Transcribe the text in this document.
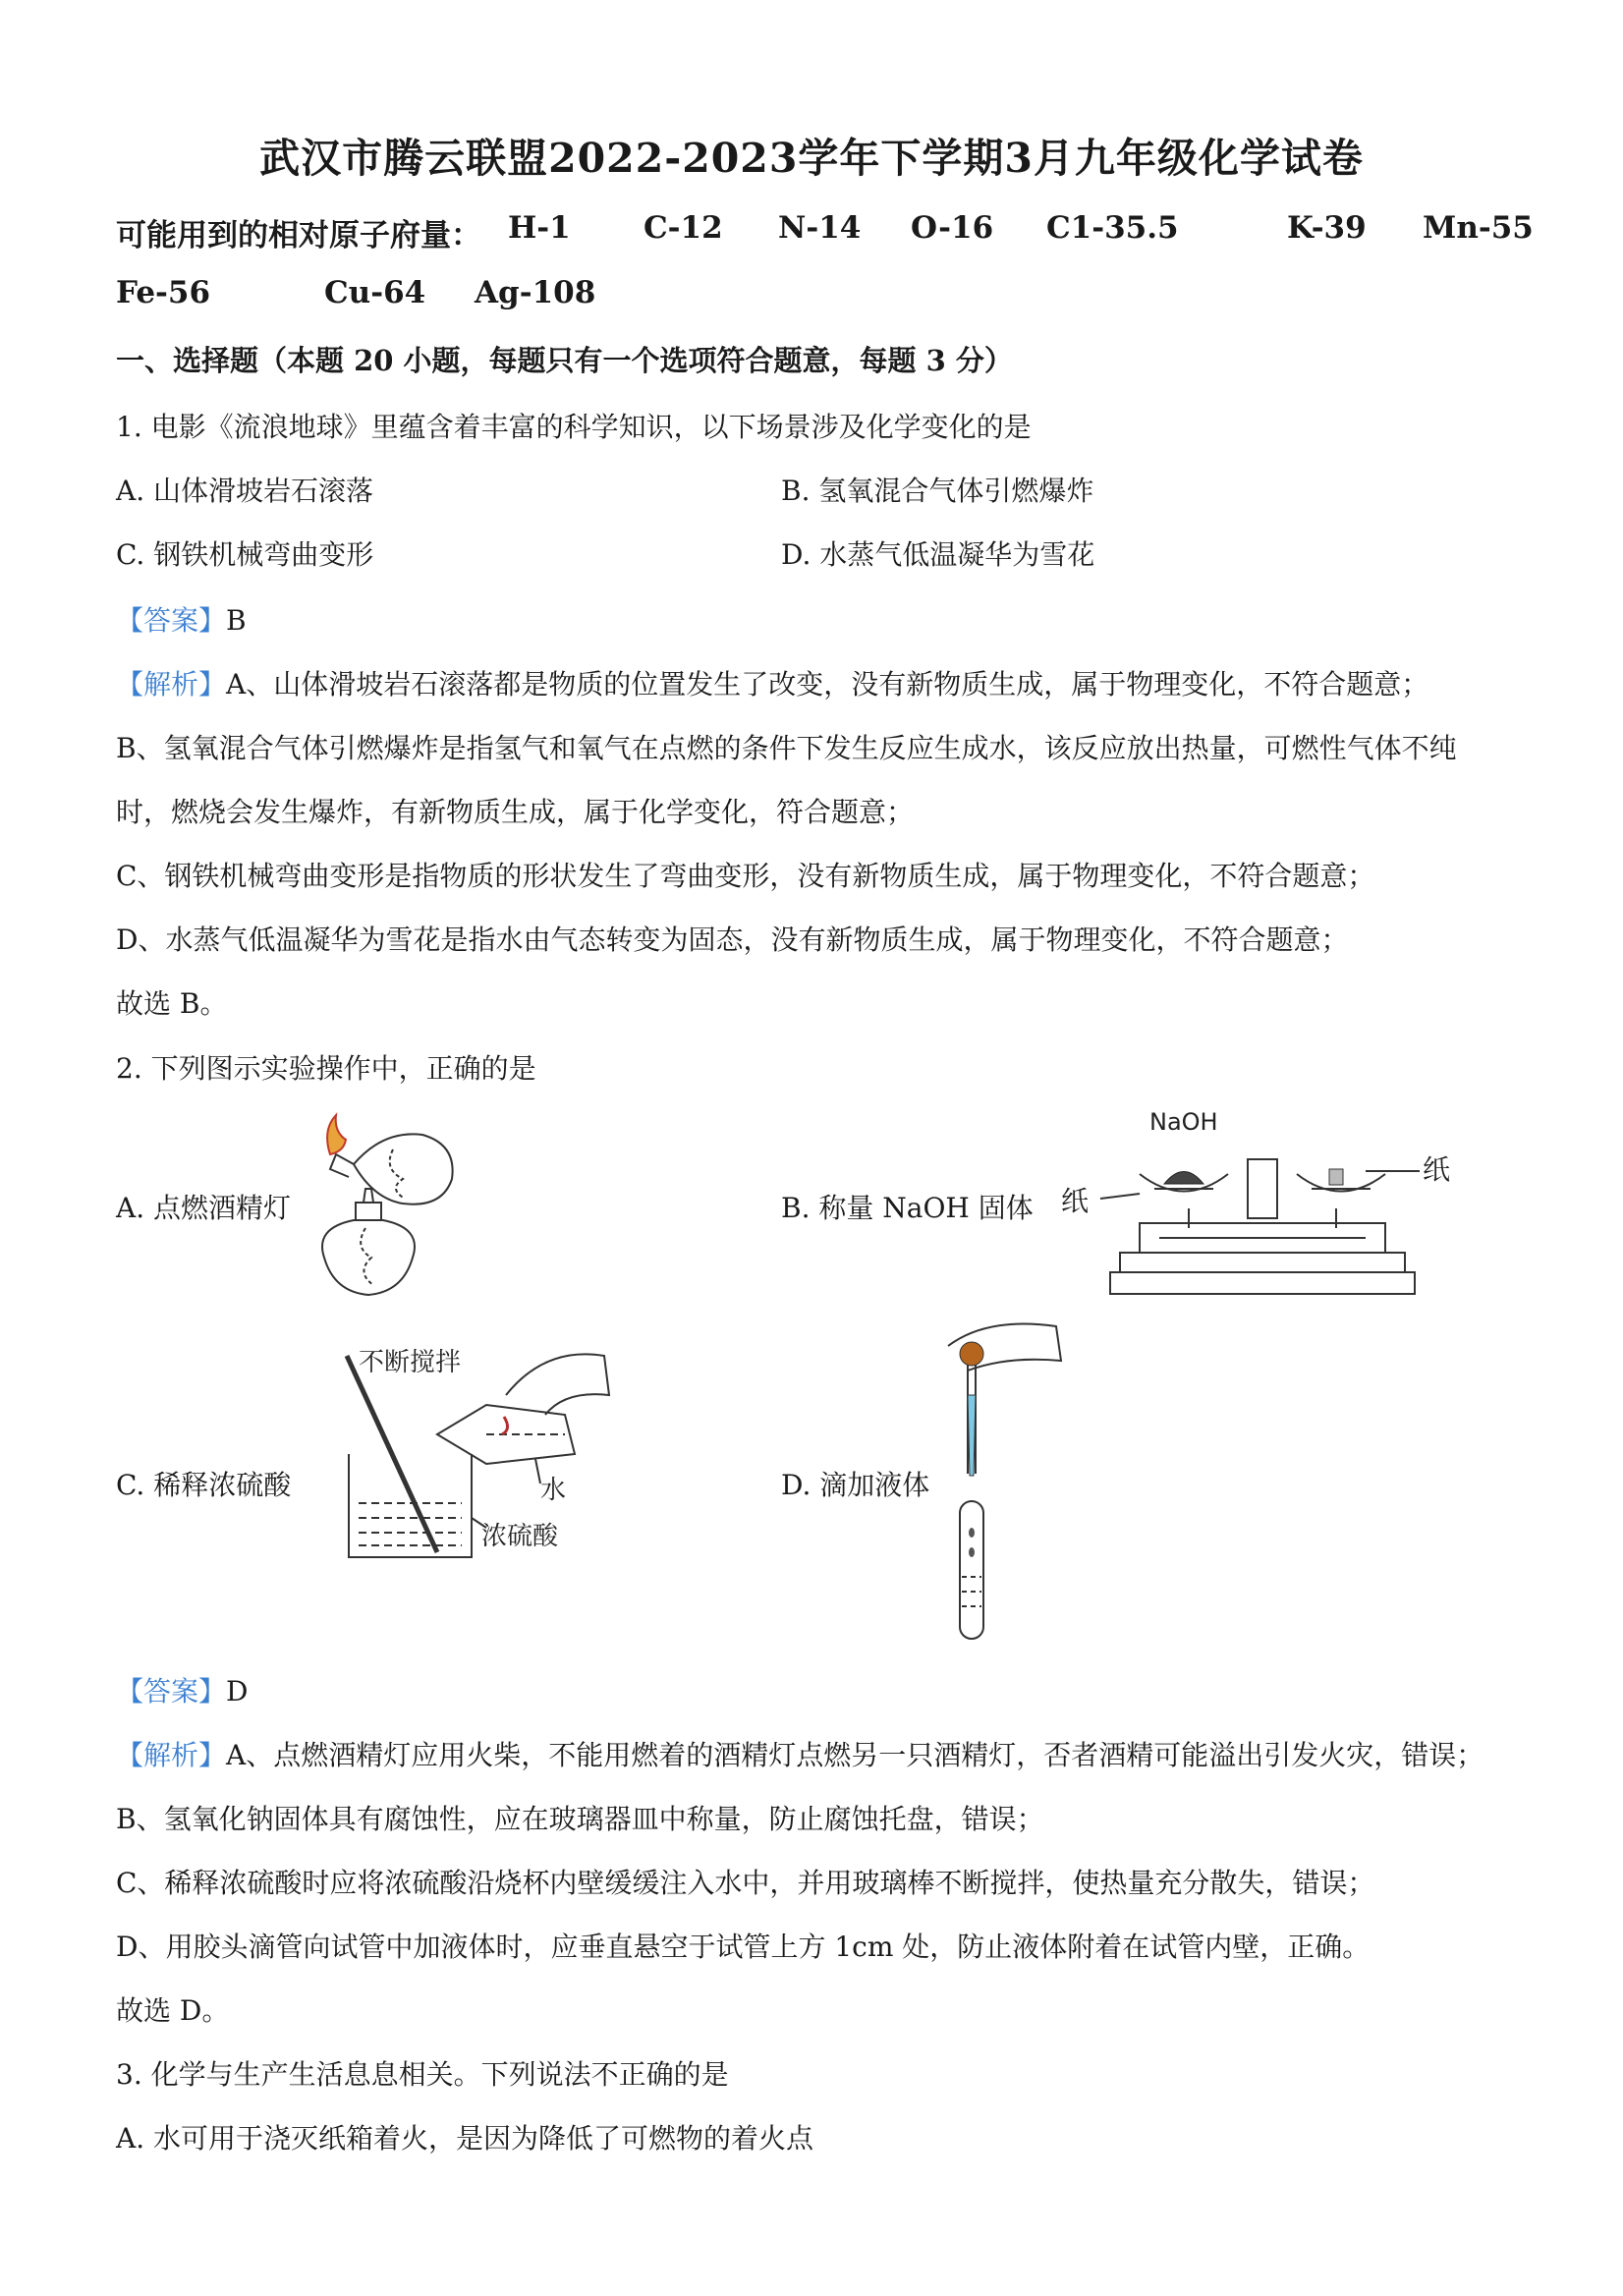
武汉市腾云联盟2022-2023学年下学期3月九年级化学试卷
可能用到的相对原子府量： H-1 C-12 N-14 O-16 C1-35.5	K-39 Mn-55
Fe-56	Cu-64 Ag-108
一、选择题（本题 20 小题，每题只有一个选项符合题意，每题 3 分）
1. 电影《流浪地球》里蕴含着丰富的科学知识，以下场景涉及化学变化的是
A. 山体滑坡岩石滚落	B. 氢氧混合气体引燃爆炸
C. 钢铁机械弯曲变形	D. 水蒸气低温凝华为雪花
【答案】B
【解析】A、山体滑坡岩石滚落都是物质的位置发生了改变，没有新物质生成，属于物理变化，不符合题意；
B、氢氧混合气体引燃爆炸是指氢气和氧气在点燃的条件下发生反应生成水，该反应放出热量，可燃性气体不纯
时，燃烧会发生爆炸，有新物质生成，属于化学变化，符合题意；
C、钢铁机械弯曲变形是指物质的形状发生了弯曲变形，没有新物质生成，属于物理变化，不符合题意；
D、水蒸气低温凝华为雪花是指水由气态转变为固态，没有新物质生成，属于物理变化，不符合题意；
故选 B。
2. 下列图示实验操作中，正确的是
A. 点燃酒精灯	B. 称量 NaOH 固体
C. 稀释浓硫酸	D. 滴加液体
NaOH
纸
纸
不断搅拌
水
浓硫酸
【答案】D
【解析】A、点燃酒精灯应用火柴，不能用燃着的酒精灯点燃另一只酒精灯，否者酒精可能溢出引发火灾，错误；
B、氢氧化钠固体具有腐蚀性，应在玻璃器皿中称量，防止腐蚀托盘，错误；
C、稀释浓硫酸时应将浓硫酸沿烧杯内壁缓缓注入水中，并用玻璃棒不断搅拌，使热量充分散失，错误；
D、用胶头滴管向试管中加液体时，应垂直悬空于试管上方 1cm 处，防止液体附着在试管内壁，正确。
故选 D。
3. 化学与生产生活息息相关。下列说法不正确的是
A. 水可用于浇灭纸箱着火，是因为降低了可燃物的着火点
